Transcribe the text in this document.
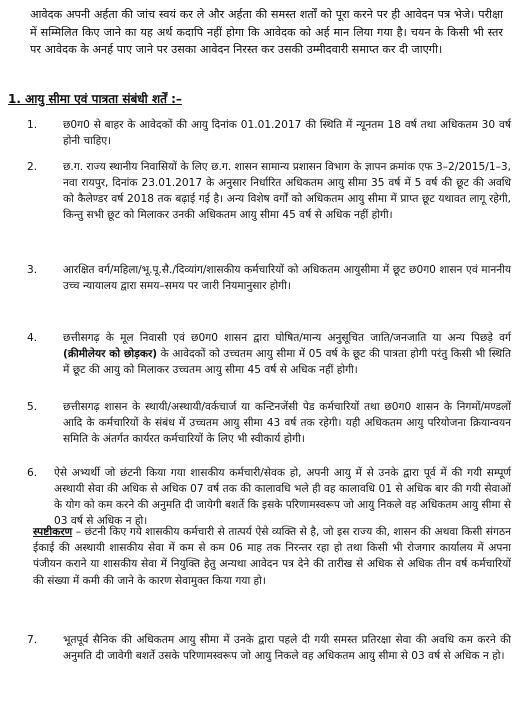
आवेदक अपनी अर्हता की जांच स्वयं कर ले और अर्हता की समस्त शर्तों को पूरा करने पर ही आवेदन पत्र भेजे। परीक्षा में सम्मिलित किए जाने का यह अर्थ कदापि नहीं होगा कि आवेदक को अर्ह मान लिया गया है। चयन के किसी भी स्तर पर आवेदक के अनर्ह पाए जाने पर उसका आवेदन निरस्त कर उसकी उम्मीदवारी समाप्त कर दी जाएगी।

1. आयु सीमा एवं पात्रता संबंधी शर्तें :–

1. छ0ग0 से बाहर के आवेदकों की आयु दिनांक 01.01.2017 की स्थिति में न्यूनतम 18 वर्ष तथा अधिकतम 30 वर्ष होनी चाहिए।

2. छ.ग. राज्य स्थानीय निवासियों के लिए छ.ग. शासन सामान्य प्रशासन विभाग के ज्ञापन क्रमांक एफ 3–2/2015/1–3, नवा रायपुर, दिनांक 23.01.2017 के अनुसार निर्धारित अधिकतम आयु सीमा 35 वर्ष में 5 वर्ष की छूट की अवधि को कैलेण्डर वर्ष 2018 तक बढ़ाई गई है। अन्य विशेष वर्गों को अधिकतम आयु सीमा में प्राप्त छूट यथावत लागू रहेगी, किन्तु सभी छूट को मिलाकर उनकी अधिकतम आयु सीमा 45 वर्ष से अधिक नहीं होगी।

3. आरक्षित वर्ग/महिला/भू.पू.सै./दिव्यांग/शासकीय कर्मचारियों को अधिकतम आयुसीमा में छूट छ0ग0 शासन एवं माननीय उच्च न्यायालय द्वारा समय–समय पर जारी नियमानुसार होगी।

4. छत्तीसगढ़ के मूल निवासी एवं छ0ग0 शासन द्वारा घोषित/मान्य अनुसूचित जाति/जनजाति या अन्य पिछड़े वर्ग (क्रीमीलेयर को छोड़कर) के आवेदकों को उच्चतम आयु सीमा में 05 वर्ष के छूट की पात्रता होगी परंतु किसी भी स्थिति में छूट की आयु को मिलाकर उच्चतम आयु सीमा 45 वर्ष से अधिक नहीं होगी।

5. छत्तीसगढ़ शासन के स्थायी/अस्थायी/वर्कचार्ज या कन्टिनजेंसी पेड कर्मचारियों तथा छ0ग0 शासन के निगमों/मण्डलों आदि के कर्मचारियों के संबंध में उच्चतम आयु सीमा 43 वर्ष तक रहेगी। यही अधिकतम आयु परियोजना क्रियान्वयन समिति के अंतर्गत कार्यरत कर्मचारियों के लिए भी स्वीकार्य होगी।

6. ऐसे अभ्यर्थी जो छंटनी किया गया शासकीय कर्मचारी/सेवक हो, अपनी आयु में से उनके द्वारा पूर्व में की गयी सम्पूर्ण अस्थायी सेवा की अधिक से अधिक 07 वर्ष तक की कालावधि भले ही वह कालावधि 01 से अधिक बार की गयी सेवाओं के योग को कम करने की अनुमति दी जायेगी बशर्ते कि इसके परिणामस्वरूप जो आयु निकले वह अधिकतम आयु सीमा से 03 वर्ष से अधिक न हो।

स्पष्टीकरण – छंटनी किए गये शासकीय कर्मचारी से तात्पर्य ऐसे व्यक्ति से है, जो इस राज्य की, शासन की अथवा किसी संगठन ईकाई की अस्थायी शासकीय सेवा में कम से कम 06 माह तक निरन्तर रहा हो तथा किसी भी रोजगार कार्यालय में अपना पंजीयन कराने या शासकीय सेवा में नियुक्ति हेतु अन्यथा आवेदन पत्र देने की तारीख से अधिक से अधिक तीन वर्ष कर्मचारियों की संख्या में कमी की जाने के कारण सेवामुक्त किया गया हो।

7. भूतपूर्व सैनिक की अधिकतम आयु सीमा में उनके द्वारा पहले दी गयी समस्त प्रतिरक्षा सेवा की अवधि कम करने की अनुमति दी जावेगी बशर्ते उसके परिणामस्वरूप जो आयु निकले वह अधिकतम आयु सीमा से 03 वर्ष से अधिक न हो।
